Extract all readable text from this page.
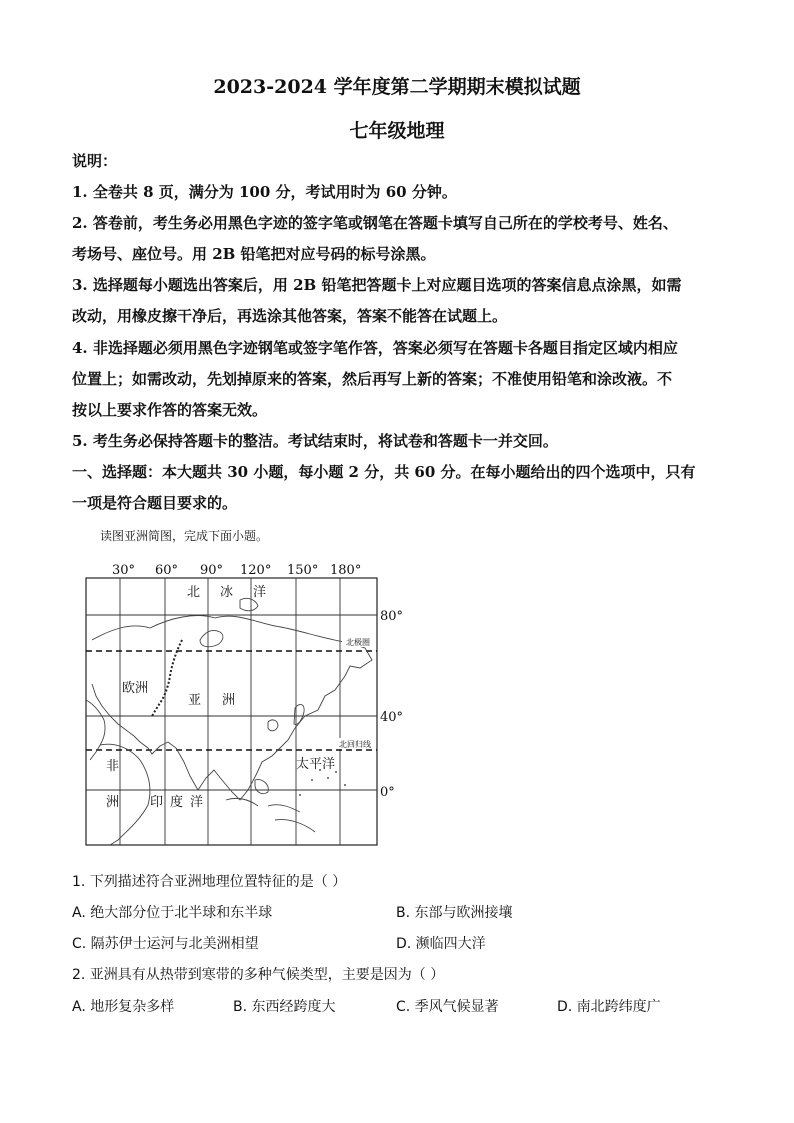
2023-2024 学年度第二学期期末模拟试题
七年级地理
说明：
1. 全卷共 8 页，满分为 100 分，考试用时为 60 分钟。
2. 答卷前，考生务必用黑色字迹的签字笔或钢笔在答题卡填写自己所在的学校考号、姓名、
考场号、座位号。用 2B 铅笔把对应号码的标号涂黑。
3. 选择题每小题选出答案后，用 2B 铅笔把答题卡上对应题目选项的答案信息点涂黑，如需
改动，用橡皮擦干净后，再选涂其他答案，答案不能答在试题上。
4. 非选择题必须用黑色字迹钢笔或签字笔作答，答案必须写在答题卡各题目指定区域内相应
位置上；如需改动，先划掉原来的答案，然后再写上新的答案；不准使用铅笔和涂改液。不
按以上要求作答的答案无效。
5. 考生务必保持答题卡的整洁。考试结束时，将试卷和答题卡一并交回。
一、选择题：本大题共 30 小题，每小题 2 分，共 60 分。在每小题给出的四个选项中，只有
一项是符合题目要求的。
读图亚洲简图，完成下面小题。
30° 60° 90° 120° 150° 180°
80°
40°
0°
北 冰 洋
欧洲
亚 洲
非
洲 印 度 洋
太平洋
北极圈
北回归线
1. 下列描述符合亚洲地理位置特征的是（ ）
A. 绝大部分位于北半球和东半球	B. 东部与欧洲接壤
C. 隔苏伊士运河与北美洲相望	D. 濒临四大洋
2. 亚洲具有从热带到寒带的多种气候类型，主要是因为（ ）
A. 地形复杂多样	B. 东西经跨度大	C. 季风气候显著	D. 南北跨纬度广
